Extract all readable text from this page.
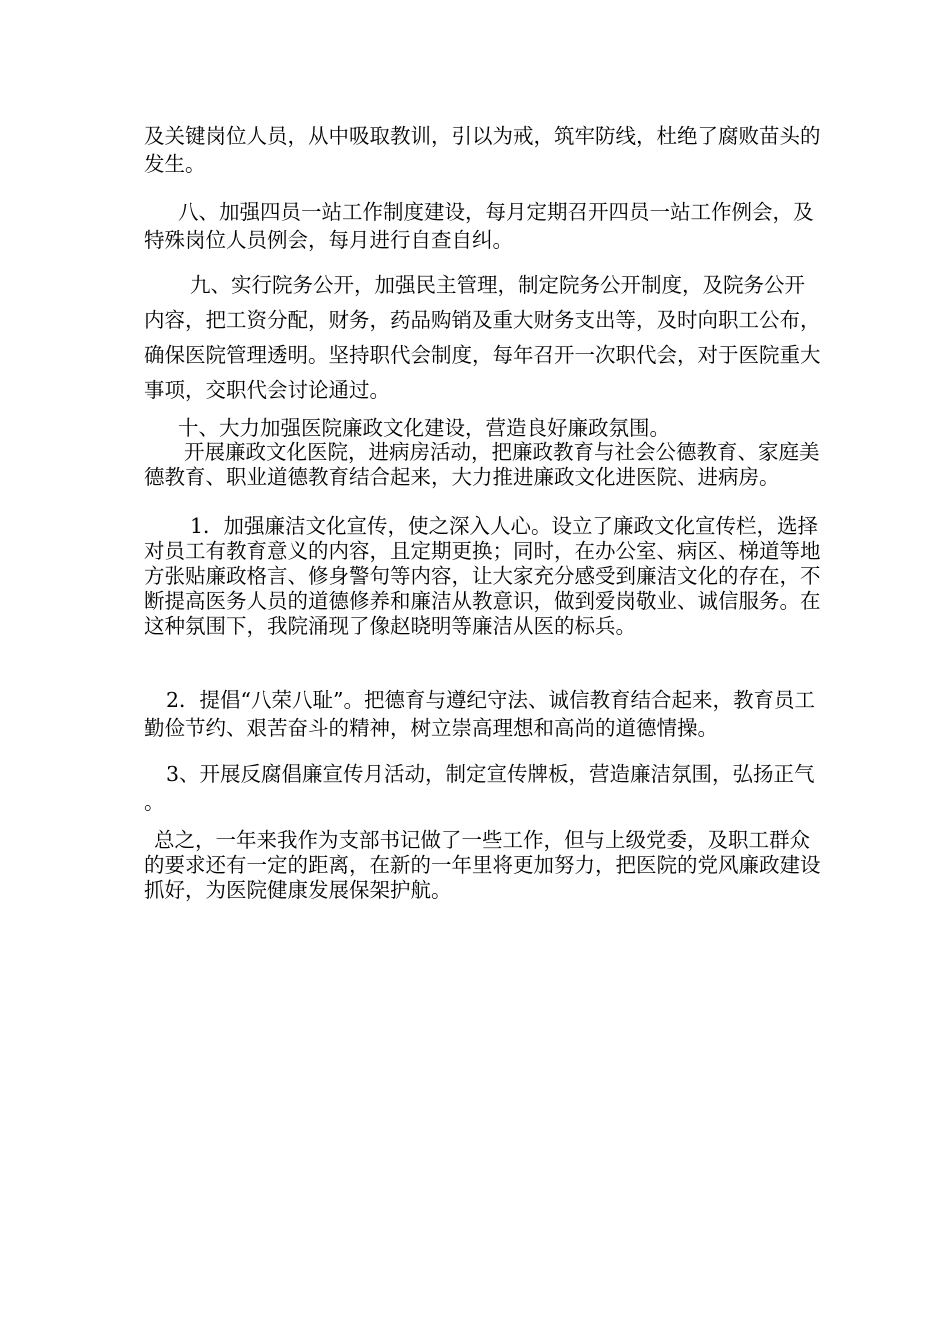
及关键岗位人员，从中吸取教训，引以为戒，筑牢防线，杜绝了腐败苗头的发生。

八、加强四员一站工作制度建设，每月定期召开四员一站工作例会，及特殊岗位人员例会，每月进行自查自纠。

九、实行院务公开，加强民主管理，制定院务公开制度，及院务公开内容，把工资分配，财务，药品购销及重大财务支出等，及时向职工公布，确保医院管理透明。坚持职代会制度，每年召开一次职代会，对于医院重大事项，交职代会讨论通过。

十、大力加强医院廉政文化建设，营造良好廉政氛围。

开展廉政文化医院，进病房活动，把廉政教育与社会公德教育、家庭美德教育、职业道德教育结合起来，大力推进廉政文化进医院、进病房。

1．加强廉洁文化宣传，使之深入人心。设立了廉政文化宣传栏，选择对员工有教育意义的内容，且定期更换；同时，在办公室、病区、梯道等地方张贴廉政格言、修身警句等内容，让大家充分感受到廉洁文化的存在，不断提高医务人员的道德修养和廉洁从教意识，做到爱岗敬业、诚信服务。在这种氛围下，我院涌现了像赵晓明等廉洁从医的标兵。

2．提倡“八荣八耻”。把德育与遵纪守法、诚信教育结合起来，教育员工勤俭节约、艰苦奋斗的精神，树立崇高理想和高尚的道德情操。

3、开展反腐倡廉宣传月活动，制定宣传牌板，营造廉洁氛围，弘扬正气。

总之，一年来我作为支部书记做了一些工作，但与上级党委，及职工群众的要求还有一定的距离，在新的一年里将更加努力，把医院的党风廉政建设抓好，为医院健康发展保架护航。
